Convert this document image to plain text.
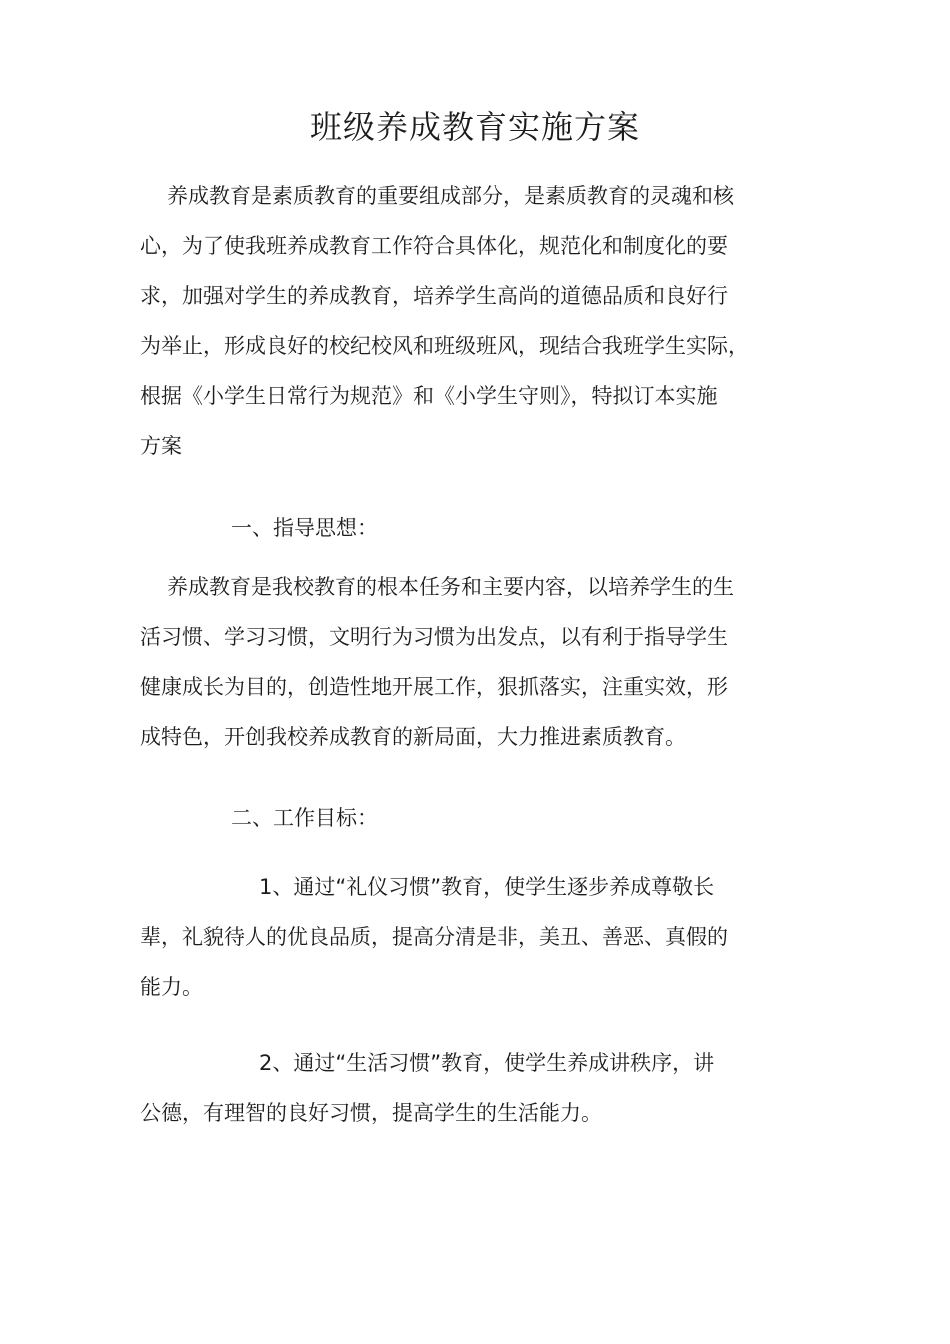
班级养成教育实施方案
养成教育是素质教育的重要组成部分，是素质教育的灵魂和核
心，为了使我班养成教育工作符合具体化，规范化和制度化的要
求，加强对学生的养成教育，培养学生高尚的道德品质和良好行
为举止，形成良好的校纪校风和班级班风，现结合我班学生实际，
根据《小学生日常行为规范》和《小学生守则》，特拟订本实施
方案
一、指导思想：
养成教育是我校教育的根本任务和主要内容，以培养学生的生
活习惯、学习习惯，文明行为习惯为出发点，以有利于指导学生
健康成长为目的，创造性地开展工作，狠抓落实，注重实效，形
成特色，开创我校养成教育的新局面，大力推进素质教育。
二、工作目标：
1、通过“礼仪习惯”教育，使学生逐步养成尊敬长
辈，礼貌待人的优良品质，提高分清是非，美丑、善恶、真假的
能力。
2、通过“生活习惯”教育，使学生养成讲秩序，讲
公德，有理智的良好习惯，提高学生的生活能力。
